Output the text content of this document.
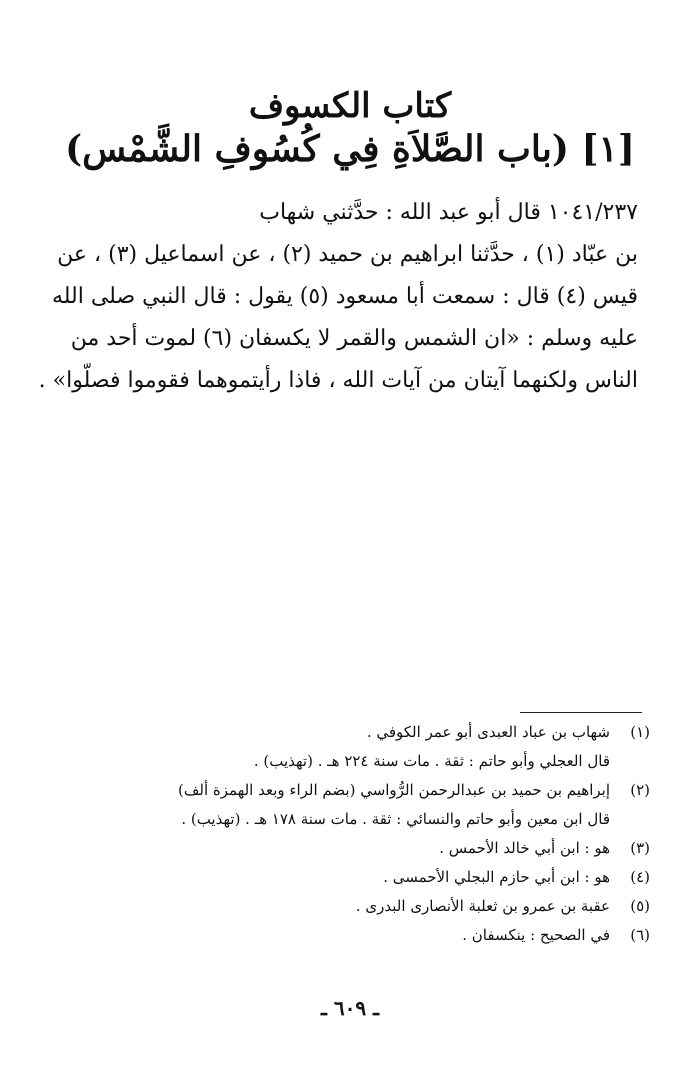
كتاب الكسوف
[١] (باب الصَّلاَةِ فِي كُسُوفِ الشَّمْس)
١٠٤١/٢٣٧ قال أبو عبد الله : حدَّثني شهاب
بن عبّاد (١) ، حدَّثنا ابراهيم بن حميد (٢) ، عن اسماعيل (٣) ، عن
قيس (٤) قال : سمعت أبا مسعود (٥) يقول : قال النبي صلى الله
عليه وسلم : «ان الشمس والقمر لا يكسفان (٦) لموت أحد من
الناس ولكنهما آيتان من آيات الله ، فاذا رأيتموهما فقوموا فصلّوا» .
(١)
شهاب بن عباد العبدى أبو عمر الكوفي .
قال العجلي وأبو حاتم : ثقة . مات سنة ٢٢٤ هـ . (تهذيب) .
(٢)
إبراهيم بن حميد بن عبدالرحمن الرُّواسي (بضم الراء وبعد الهمزة ألف)
قال ابن معين وأبو حاتم والنسائي : ثقة . مات سنة ١٧٨ هـ . (تهذيب) .
(٣)
هو : ابن أبي خالد الأحمس .
(٤)
هو : ابن أبي حازم البجلي الأحمسى .
(٥)
عقبة بن عمرو بن ثعلبة الأنصارى البدرى .
(٦)
في الصحيح : ينكسفان .
ـ ٦٠٩ ـ
